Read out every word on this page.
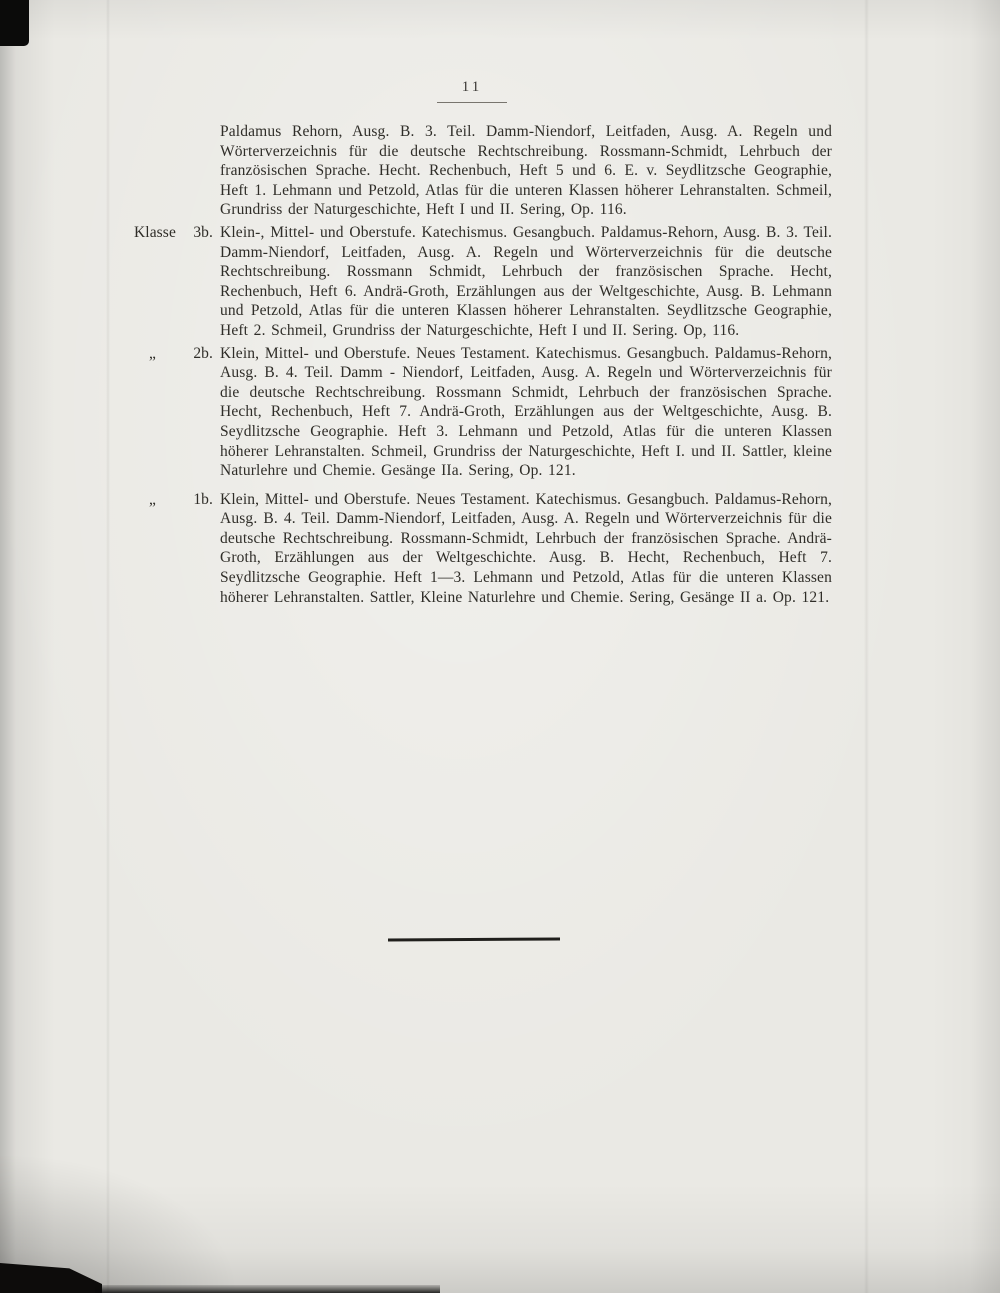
11

Paldamus Rehorn, Ausg. B. 3. Teil. Damm-Niendorf, Leitfaden, Ausg. A. Regeln und Wörterverzeichnis für die deutsche Rechtschreibung. Rossmann-Schmidt, Lehrbuch der französischen Sprache. Hecht. Rechenbuch, Heft 5 und 6. E. v. Seydlitzsche Geographie, Heft 1. Lehmann und Petzold, Atlas für die unteren Klassen höherer Lehranstalten. Schmeil, Grundriss der Naturgeschichte, Heft I und II. Sering, Op. 116.

Klasse 3b. Klein-, Mittel- und Oberstufe. Katechismus. Gesangbuch. Paldamus-Rehorn, Ausg. B. 3. Teil. Damm-Niendorf, Leitfaden, Ausg. A. Regeln und Wörterverzeichnis für die deutsche Rechtschreibung. Rossmann Schmidt, Lehrbuch der französischen Sprache. Hecht, Rechenbuch, Heft 6. Andrä-Groth, Erzählungen aus der Weltgeschichte, Ausg. B. Lehmann und Petzold, Atlas für die unteren Klassen höherer Lehranstalten. Seydlitzsche Geographie, Heft 2. Schmeil, Grundriss der Naturgeschichte, Heft I und II. Sering. Op, 116.

„ 2b. Klein, Mittel- und Oberstufe. Neues Testament. Katechismus. Gesangbuch. Paldamus-Rehorn, Ausg. B. 4. Teil. Damm - Niendorf, Leitfaden, Ausg. A. Regeln und Wörterverzeichnis für die deutsche Rechtschreibung. Rossmann Schmidt, Lehrbuch der französischen Sprache. Hecht, Rechenbuch, Heft 7. Andrä-Groth, Erzählungen aus der Weltgeschichte, Ausg. B. Seydlitzsche Geographie. Heft 3. Lehmann und Petzold, Atlas für die unteren Klassen höherer Lehranstalten. Schmeil, Grundriss der Naturgeschichte, Heft I. und II. Sattler, kleine Naturlehre und Chemie. Gesänge IIa. Sering, Op. 121.

„ 1b. Klein, Mittel- und Oberstufe. Neues Testament. Katechismus. Gesangbuch. Paldamus-Rehorn, Ausg. B. 4. Teil. Damm-Niendorf, Leitfaden, Ausg. A. Regeln und Wörterverzeichnis für die deutsche Rechtschreibung. Rossmann-Schmidt, Lehrbuch der französischen Sprache. Andrä-Groth, Erzählungen aus der Weltgeschichte. Ausg. B. Hecht, Rechenbuch, Heft 7. Seydlitzsche Geographie. Heft 1—3. Lehmann und Petzold, Atlas für die unteren Klassen höherer Lehranstalten. Sattler, Kleine Naturlehre und Chemie. Sering, Gesänge II a. Op. 121.
